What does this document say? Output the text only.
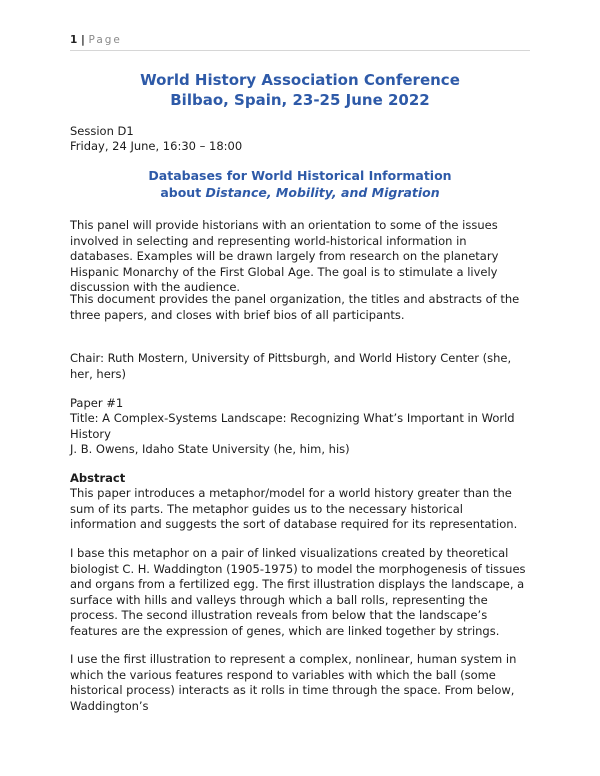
1 | Page
World History Association Conference
Bilbao, Spain, 23-25 June 2022

Session D1

Friday, 24 June, 16:30 – 18:00

Databases for World Historical Information
about Distance, Mobility, and Migration

This panel will provide historians with an orientation to some of the issues involved in selecting and representing world-historical information in databases. Examples will be drawn largely from research on the planetary Hispanic Monarchy of the First Global Age. The goal is to stimulate a lively discussion with the audience.

This document provides the panel organization, the titles and abstracts of the three papers, and closes with brief bios of all participants.

Chair: Ruth Mostern, University of Pittsburgh, and World History Center (she, her, hers)

Paper #1

Title: A Complex-Systems Landscape: Recognizing What’s Important in World History

J. B. Owens, Idaho State University (he, him, his)

Abstract

This paper introduces a metaphor/model for a world history greater than the sum of its parts. The metaphor guides us to the necessary historical information and suggests the sort of database required for its representation.

I base this metaphor on a pair of linked visualizations created by theoretical biologist C. H. Waddington (1905-1975) to model the morphogenesis of tissues and organs from a fertilized egg. The first illustration displays the landscape, a surface with hills and valleys through which a ball rolls, representing the process. The second illustration reveals from below that the landscape’s features are the expression of genes, which are linked together by strings.

I use the first illustration to represent a complex, nonlinear, human system in which the various features respond to variables with which the ball (some historical process) interacts as it rolls in time through the space. From below, Waddington’s
